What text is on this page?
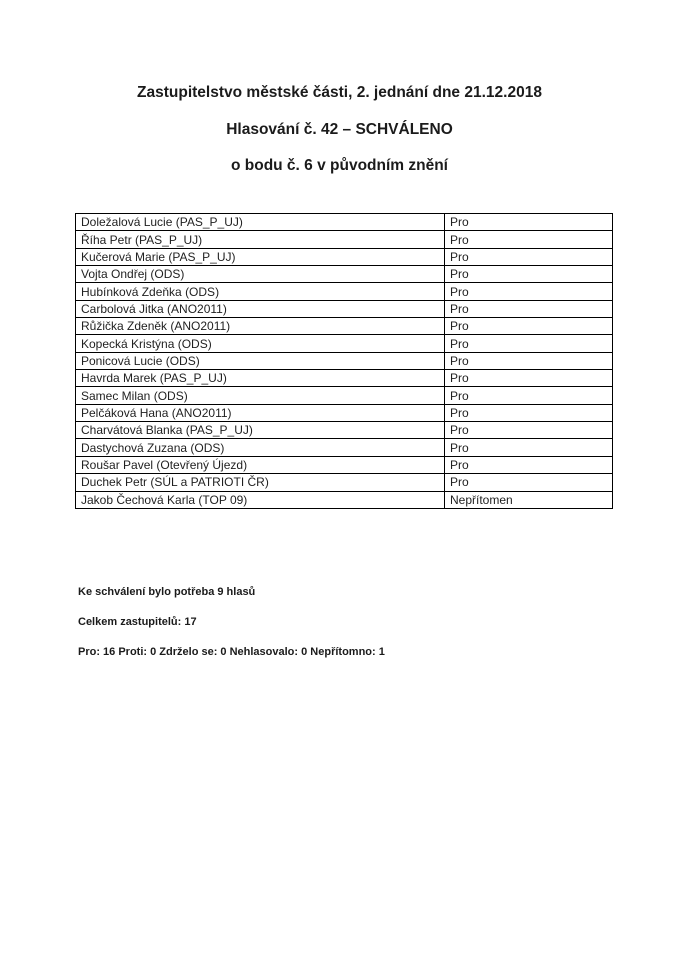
Zastupitelstvo městské části, 2. jednání dne 21.12.2018

Hlasování č. 42 – SCHVÁLENO

o bodu č. 6 v původním znění

Doležalová Lucie (PAS_P_UJ)	Pro
Říha Petr (PAS_P_UJ)	Pro
Kučerová Marie (PAS_P_UJ)	Pro
Vojta Ondřej (ODS)	Pro
Hubínková Zdeňka (ODS)	Pro
Carbolová Jitka (ANO2011)	Pro
Růžička Zdeněk (ANO2011)	Pro
Kopecká Kristýna (ODS)	Pro
Ponicová Lucie (ODS)	Pro
Havrda Marek (PAS_P_UJ)	Pro
Samec Milan (ODS)	Pro
Pelčáková Hana (ANO2011)	Pro
Charvátová Blanka (PAS_P_UJ)	Pro
Dastychová Zuzana (ODS)	Pro
Roušar Pavel (Otevřený Újezd)	Pro
Duchek Petr (SÚL a PATRIOTI ČR)	Pro
Jakob Čechová Karla (TOP 09)	Nepřítomen

Ke schválení bylo potřeba 9 hlasů

Celkem zastupitelů: 17

Pro: 16 Proti: 0 Zdrželo se: 0 Nehlasovalo: 0 Nepřítomno: 1
